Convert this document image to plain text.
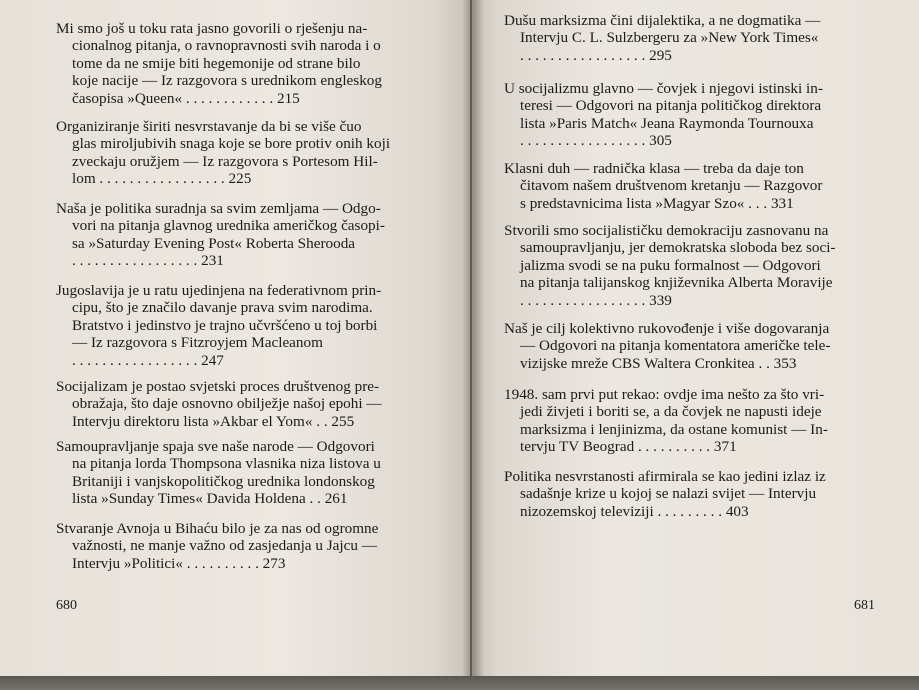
Mi smo još u toku rata jasno govorili o rješenju na-
cionalnog pitanja, o ravnopravnosti svih naroda i o
tome da ne smije biti hegemonije od strane bilo
koje nacije — Iz razgovora s urednikom engleskog
časopisa »Queen« . . . . . . . . . . . . 215
Organiziranje širiti nesvrstavanje da bi se više čuo
glas miroljubivih snaga koje se bore protiv onih koji
zveckaju oružjem — Iz razgovora s Portesom Hil-
lom . . . . . . . . . . . . . . . . . 225
Naša je politika suradnja sa svim zemljama — Odgo-
vori na pitanja glavnog urednika američkog časopi-
sa »Saturday Evening Post« Roberta Sherooda
. . . . . . . . . . . . . . . . . 231
Jugoslavija je u ratu ujedinjena na federativnom prin-
cipu, što je značilo davanje prava svim narodima.
Bratstvo i jedinstvo je trajno učvršćeno u toj borbi
— Iz razgovora s Fitzroyjem Macleanom
. . . . . . . . . . . . . . . . . 247
Socijalizam je postao svjetski proces društvenog pre-
obražaja, što daje osnovno obilježje našoj epohi —
Intervju direktoru lista »Akbar el Yom« . . 255
Samoupravljanje spaja sve naše narode — Odgovori
na pitanja lorda Thompsona vlasnika niza listova u
Britaniji i vanjskopolitičkog urednika londonskog
lista »Sunday Times« Davida Holdena . . 261
Stvaranje Avnoja u Bihaću bilo je za nas od ogromne
važnosti, ne manje važno od zasjedanja u Jajcu —
Intervju »Politici« . . . . . . . . . . 273
680
Dušu marksizma čini dijalektika, a ne dogmatika —
Intervju C. L. Sulzbergeru za »New York Times«
. . . . . . . . . . . . . . . . . 295
U socijalizmu glavno — čovjek i njegovi istinski in-
teresi — Odgovori na pitanja političkog direktora
lista »Paris Match« Jeana Raymonda Tournouxa
. . . . . . . . . . . . . . . . . 305
Klasni duh — radnička klasa — treba da daje ton
čitavom našem društvenom kretanju — Razgovor
s predstavnicima lista »Magyar Szo« . . . 331
Stvorili smo socijalističku demokraciju zasnovanu na
samoupravljanju, jer demokratska sloboda bez soci-
jalizma svodi se na puku formalnost — Odgovori
na pitanja talijanskog književnika Alberta Moravije
. . . . . . . . . . . . . . . . . 339
Naš je cilj kolektivno rukovođenje i više dogovaranja
— Odgovori na pitanja komentatora američke tele-
vizijske mreže CBS Waltera Cronkitea . . 353
1948. sam prvi put rekao: ovdje ima nešto za što vri-
jedi živjeti i boriti se, a da čovjek ne napusti ideje
marksizma i lenjinizma, da ostane komunist — In-
tervju TV Beograd . . . . . . . . . . 371
Politika nesvrstanosti afirmirala se kao jedini izlaz iz
sadašnje krize u kojoj se nalazi svijet — Intervju
nizozemskoj televiziji . . . . . . . . . 403
681
